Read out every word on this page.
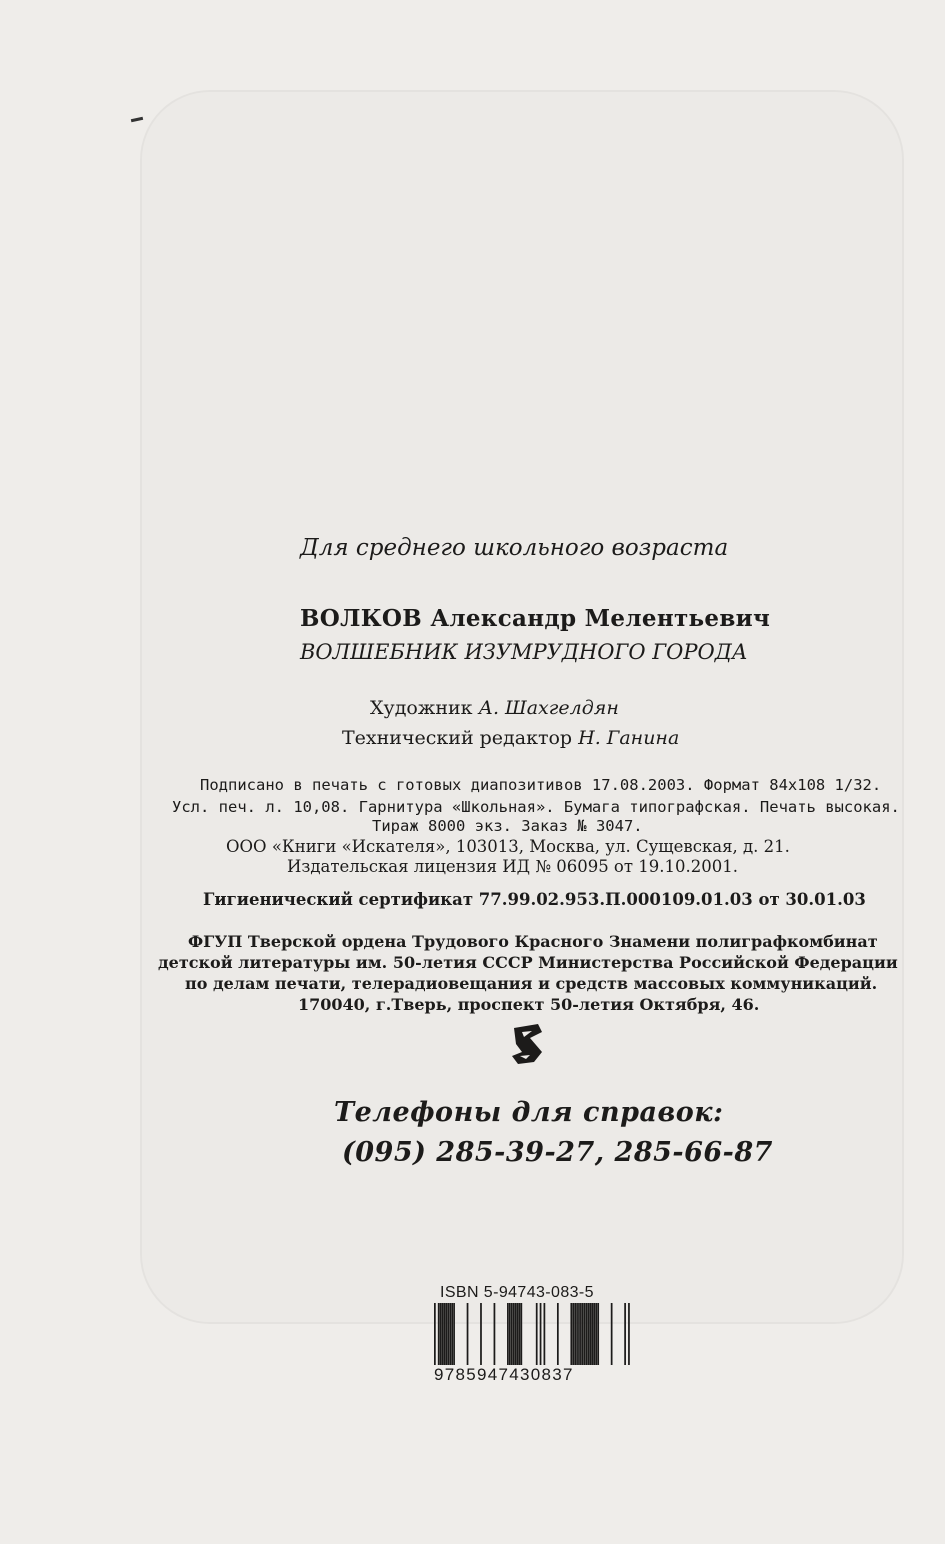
Для среднего школьного возраста
ВОЛКОВ Александр Мелентьевич
ВОЛШЕБНИК ИЗУМРУДНОГО ГОРОДА
Художник А. Шахгелдян
Технический редактор Н. Ганина
Подписано в печать с готовых диапозитивов 17.08.2003. Формат 84x108 1/32.
Усл. печ. л. 10,08. Гарнитура «Школьная». Бумага типографская. Печать высокая.
Тираж 8000 экз. Заказ № 3047.
ООО «Книги «Искателя», 103013, Москва, ул. Сущевская, д. 21.
Издательская лицензия ИД № 06095 от 19.10.2001.
Гигиенический сертификат 77.99.02.953.П.000109.01.03 от 30.01.03
ФГУП Тверской ордена Трудового Красного Знамени полиграфкомбинат
детской литературы им. 50-летия СССР Министерства Российской Федерации
по делам печати, телерадиовещания и средств массовых коммуникаций.
170040, г.Тверь, проспект 50-летия Октября, 46.
Телефоны для справок:
(095) 285-39-27, 285-66-87
ISBN 5-94743-083-5
9785947430837
